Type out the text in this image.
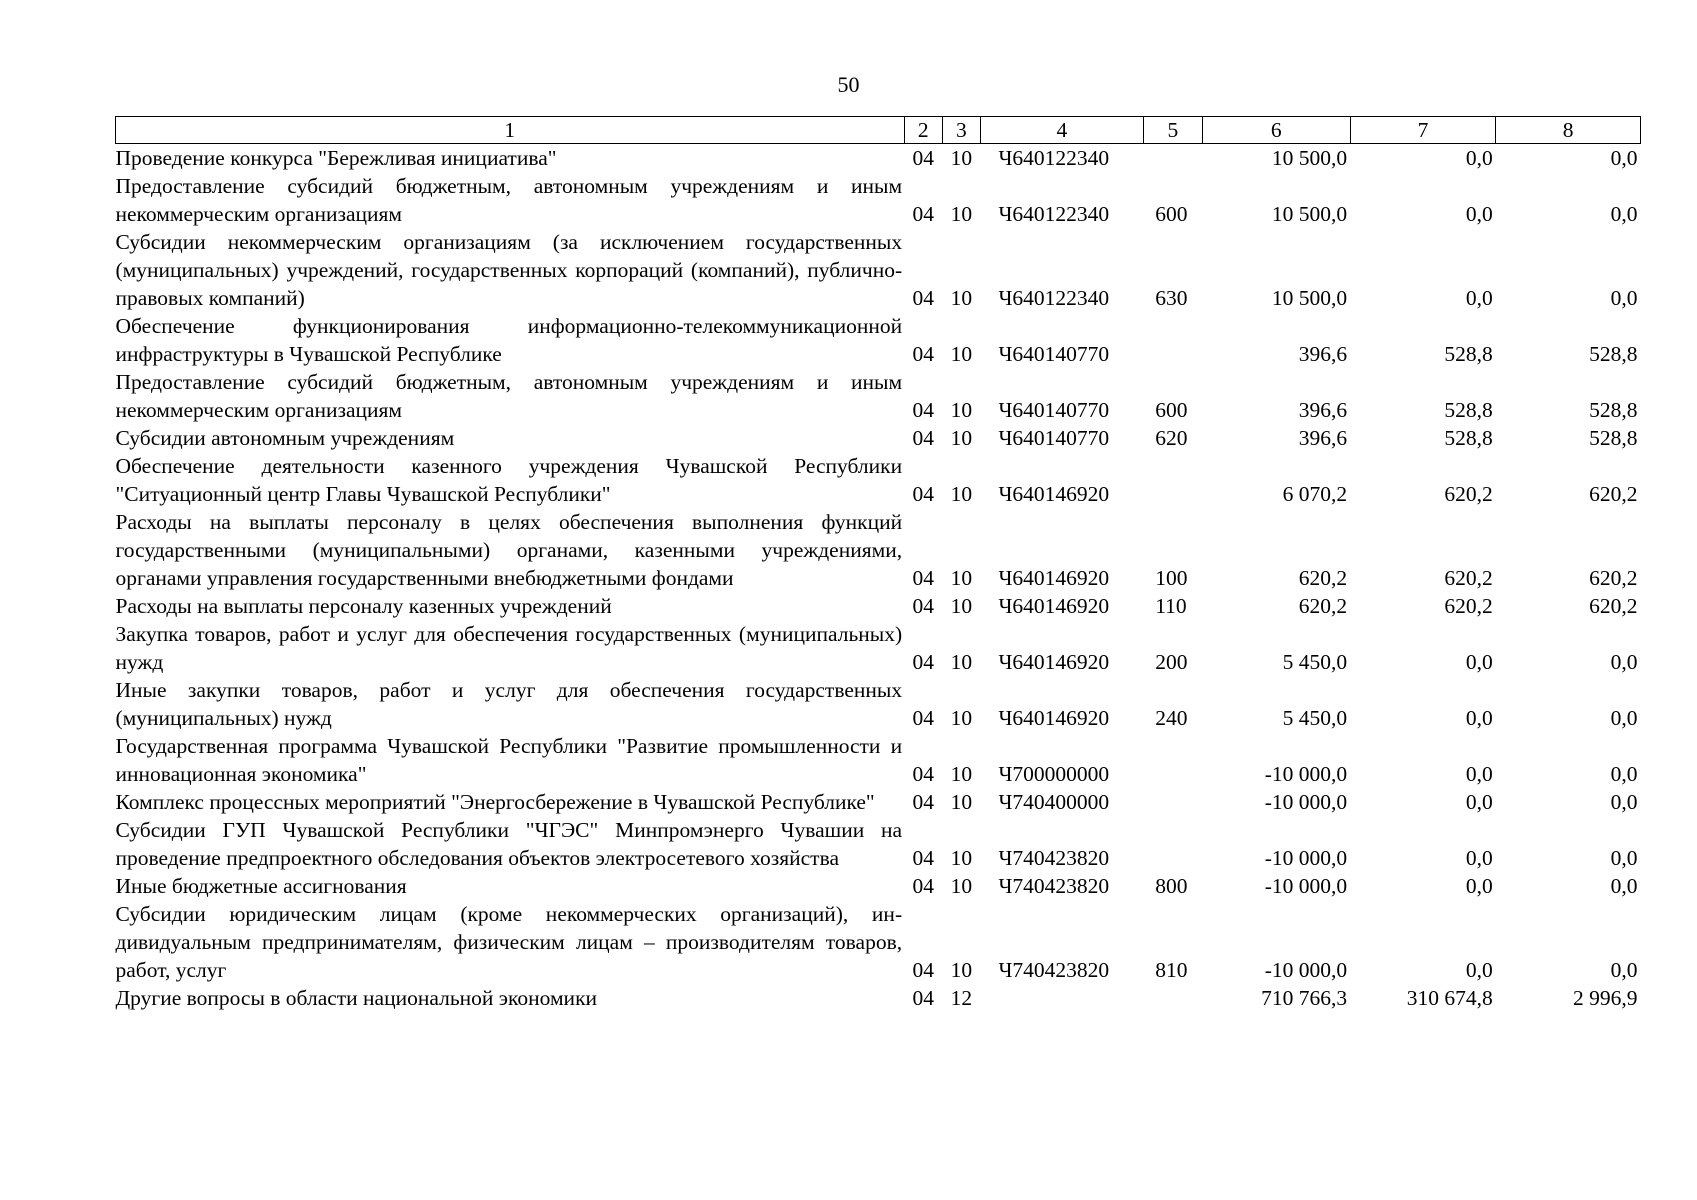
50
1	2	3	4	5	6	7	8
Проведение конкурса "Бережливая инициатива"	04	10	Ч640122340		10 500,0	0,0	0,0
Предоставление субсидий бюджетным, автономным учреждениям и иным некоммерческим организациям	04	10	Ч640122340	600	10 500,0	0,0	0,0
Субсидии некоммерческим организациям (за исключением государственных (муниципальных) учреждений, государственных корпораций (компаний), публично-правовых компаний)	04	10	Ч640122340	630	10 500,0	0,0	0,0
Обеспечение функционирования информационно-телекоммуникационной инфраструктуры в Чувашской Республике	04	10	Ч640140770		396,6	528,8	528,8
Предоставление субсидий бюджетным, автономным учреждениям и иным некоммерческим организациям	04	10	Ч640140770	600	396,6	528,8	528,8
Субсидии автономным учреждениям	04	10	Ч640140770	620	396,6	528,8	528,8
Обеспечение деятельности казенного учреждения Чувашской Республики "Ситуационный центр Главы Чувашской Республики"	04	10	Ч640146920		6 070,2	620,2	620,2
Расходы на выплаты персоналу в целях обеспечения выполнения функций государственными (муниципальными) органами, казенными учреждениями, органами управления государственными внебюджетными фондами	04	10	Ч640146920	100	620,2	620,2	620,2
Расходы на выплаты персоналу казенных учреждений	04	10	Ч640146920	110	620,2	620,2	620,2
Закупка товаров, работ и услуг для обеспечения государственных (муниципальных) нужд	04	10	Ч640146920	200	5 450,0	0,0	0,0
Иные закупки товаров, работ и услуг для обеспечения государственных (муниципальных) нужд	04	10	Ч640146920	240	5 450,0	0,0	0,0
Государственная программа Чувашской Республики "Развитие промышленности и инновационная экономика"	04	10	Ч700000000		-10 000,0	0,0	0,0
Комплекс процессных мероприятий "Энергосбережение в Чувашской Республике"	04	10	Ч740400000		-10 000,0	0,0	0,0
Субсидии ГУП Чувашской Республики "ЧГЭС" Минпромэнерго Чувашии на проведение предпроектного обследования объектов электросетевого хозяйства	04	10	Ч740423820		-10 000,0	0,0	0,0
Иные бюджетные ассигнования	04	10	Ч740423820	800	-10 000,0	0,0	0,0
Субсидии юридическим лицам (кроме некоммерческих организаций), индивидуальным предпринимателям, физическим лицам – производителям товаров, работ, услуг	04	10	Ч740423820	810	-10 000,0	0,0	0,0
Другие вопросы в области национальной экономики	04	12			710 766,3	310 674,8	2 996,9
